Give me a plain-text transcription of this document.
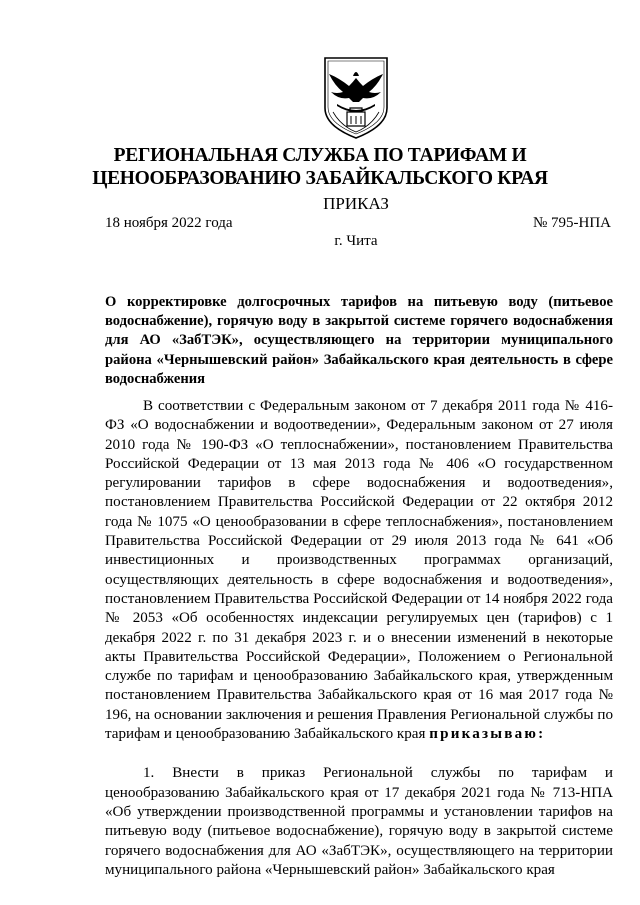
РЕГИОНАЛЬНАЯ СЛУЖБА ПО ТАРИФАМ И
ЦЕНООБРАЗОВАНИЮ ЗАБАЙКАЛЬСКОГО КРАЯ
ПРИКАЗ
18 ноября 2022 года	№ 795-НПА
г. Чита
О корректировке долгосрочных тарифов на питьевую воду (питьевое водоснабжение), горячую воду в закрытой системе горячего водоснабжения для АО «ЗабТЭК», осуществляющего на территории муниципального района «Чернышевский район» Забайкальского края деятельность в сфере водоснабжения

В соответствии с Федеральным законом от 7 декабря 2011 года № 416-ФЗ «О водоснабжении и водоотведении», Федеральным законом от 27 июля 2010 года № 190-ФЗ «О теплоснабжении», постановлением Правительства Российской Федерации от 13 мая 2013 года № 406 «О государственном регулировании тарифов в сфере водоснабжения и водоотведения», постановлением Правительства Российской Федерации от 22 октября 2012 года № 1075 «О ценообразовании в сфере теплоснабжения», постановлением Правительства Российской Федерации от 29 июля 2013 года № 641 «Об инвестиционных и производственных программах организаций, осуществляющих деятельность в сфере водоснабжения и водоотведения», постановлением Правительства Российской Федерации от 14 ноября 2022 года № 2053 «Об особенностях индексации регулируемых цен (тарифов) с 1 декабря 2022 г. по 31 декабря 2023 г. и о внесении изменений в некоторые акты Правительства Российской Федерации», Положением о Региональной службе по тарифам и ценообразованию Забайкальского края, утвержденным постановлением Правительства Забайкальского края от 16 мая 2017 года № 196, на основании заключения и решения Правления Региональной службы по тарифам и ценообразованию Забайкальского края приказываю:

1. Внести в приказ Региональной службы по тарифам и ценообразованию Забайкальского края от 17 декабря 2021 года № 713-НПА «Об утверждении производственной программы и установлении тарифов на питьевую воду (питьевое водоснабжение), горячую воду в закрытой системе горячего водоснабжения для АО «ЗабТЭК», осуществляющего на территории муниципального района «Чернышевский район» Забайкальского края
